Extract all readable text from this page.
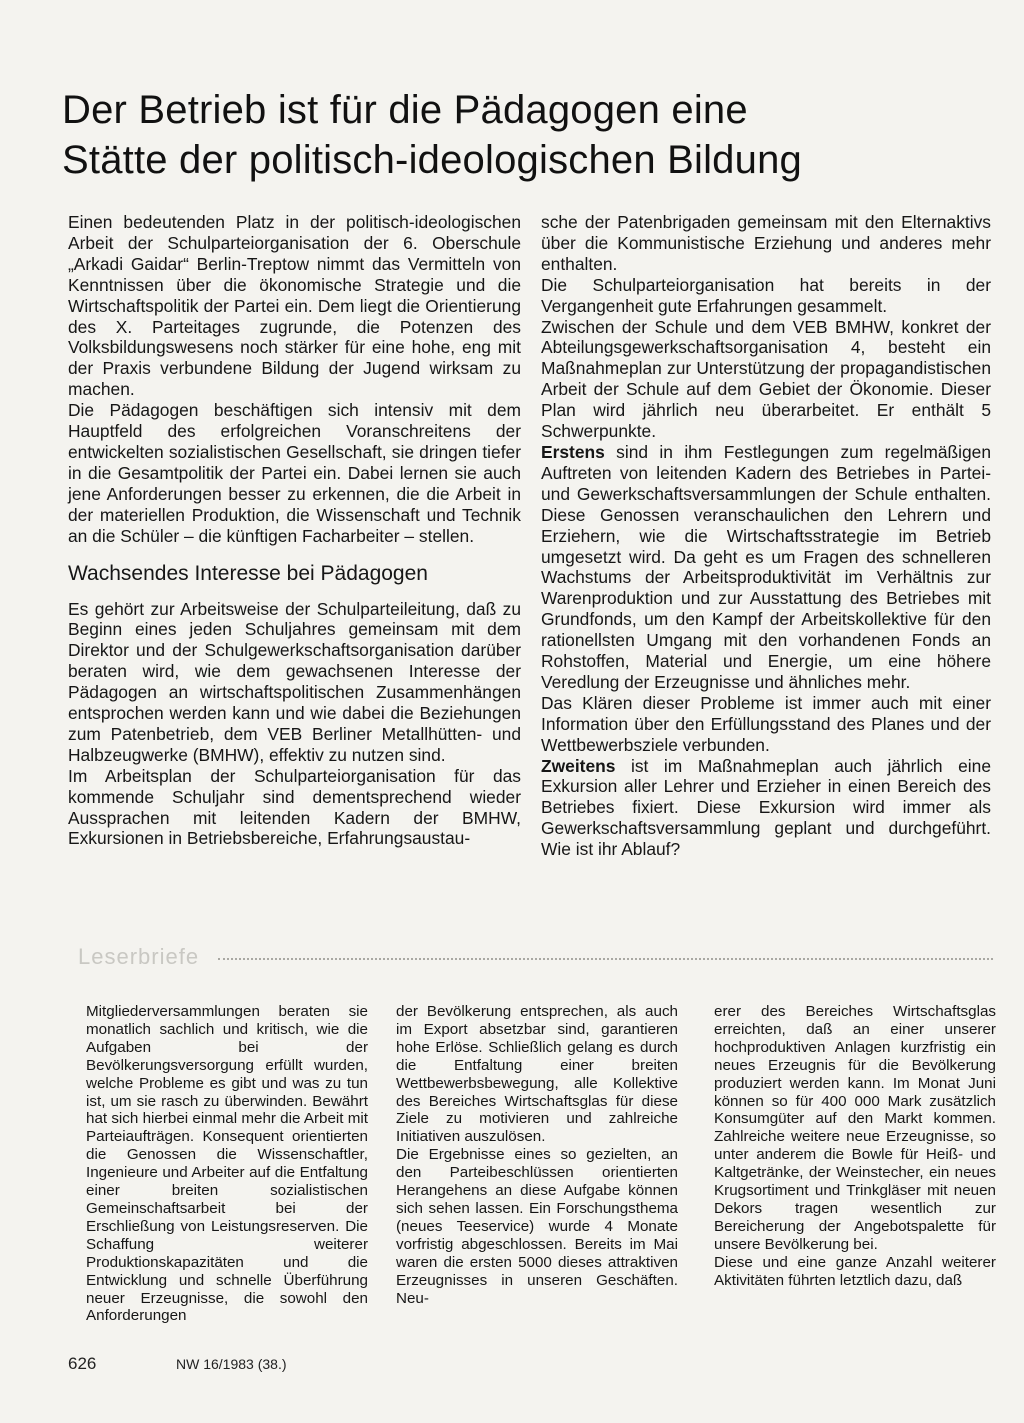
Der Betrieb ist für die Pädagogen eine
Stätte der politisch-ideologischen Bildung

Einen bedeutenden Platz in der politisch-ideologischen Arbeit der Schulparteiorganisation der 6. Oberschule „Arkadi Gaidar“ Berlin-Treptow nimmt das Vermitteln von Kenntnissen über die ökonomische Strategie und die Wirtschaftspolitik der Partei ein. Dem liegt die Orientierung des X. Parteitages zugrunde, die Potenzen des Volksbildungswesens noch stärker für eine hohe, eng mit der Praxis verbundene Bildung der Jugend wirksam zu machen.

Die Pädagogen beschäftigen sich intensiv mit dem Hauptfeld des erfolgreichen Voranschreitens der entwickelten sozialistischen Gesellschaft, sie dringen tiefer in die Gesamtpolitik der Partei ein. Dabei lernen sie auch jene Anforderungen besser zu erkennen, die die Arbeit in der materiellen Produktion, die Wissenschaft und Technik an die Schüler – die künftigen Facharbeiter – stellen.

Wachsendes Interesse bei Pädagogen

Es gehört zur Arbeitsweise der Schulparteileitung, daß zu Beginn eines jeden Schuljahres gemeinsam mit dem Direktor und der Schulgewerkschaftsorganisation darüber beraten wird, wie dem gewachsenen Interesse der Pädagogen an wirtschaftspolitischen Zusammenhängen entsprochen werden kann und wie dabei die Beziehungen zum Patenbetrieb, dem VEB Berliner Metallhütten- und Halbzeugwerke (BMHW), effektiv zu nutzen sind.

Im Arbeitsplan der Schulparteiorganisation für das kommende Schuljahr sind dementsprechend wieder Aussprachen mit leitenden Kadern der BMHW, Exkursionen in Betriebsbereiche, Erfahrungsaustau-

sche der Patenbrigaden gemeinsam mit den Elternaktivs über die Kommunistische Erziehung und anderes mehr enthalten.

Die Schulparteiorganisation hat bereits in der Vergangenheit gute Erfahrungen gesammelt.

Zwischen der Schule und dem VEB BMHW, konkret der Abteilungsgewerkschaftsorganisation 4, besteht ein Maßnahmeplan zur Unterstützung der propagandistischen Arbeit der Schule auf dem Gebiet der Ökonomie. Dieser Plan wird jährlich neu überarbeitet. Er enthält 5 Schwerpunkte.

Erstens sind in ihm Festlegungen zum regelmäßigen Auftreten von leitenden Kadern des Betriebes in Partei- und Gewerkschaftsversammlungen der Schule enthalten. Diese Genossen veranschaulichen den Lehrern und Erziehern, wie die Wirtschaftsstrategie im Betrieb umgesetzt wird. Da geht es um Fragen des schnelleren Wachstums der Arbeitsproduktivität im Verhältnis zur Warenproduktion und zur Ausstattung des Betriebes mit Grundfonds, um den Kampf der Arbeitskollektive für den rationellsten Umgang mit den vorhandenen Fonds an Rohstoffen, Material und Energie, um eine höhere Veredlung der Erzeugnisse und ähnliches mehr.

Das Klären dieser Probleme ist immer auch mit einer Information über den Erfüllungsstand des Planes und der Wettbewerbsziele verbunden.

Zweitens ist im Maßnahmeplan auch jährlich eine Exkursion aller Lehrer und Erzieher in einen Bereich des Betriebes fixiert. Diese Exkursion wird immer als Gewerkschaftsversammlung geplant und durchgeführt. Wie ist ihr Ablauf?

Leserbriefe

Mitgliederversammlungen beraten sie monatlich sachlich und kritisch, wie die Aufgaben bei der Bevölkerungsversorgung erfüllt wurden, welche Probleme es gibt und was zu tun ist, um sie rasch zu überwinden. Bewährt hat sich hierbei einmal mehr die Arbeit mit Parteiaufträgen. Konsequent orientierten die Genossen die Wissenschaftler, Ingenieure und Arbeiter auf die Entfaltung einer breiten sozialistischen Gemeinschaftsarbeit bei der Erschließung von Leistungsreserven. Die Schaffung weiterer Produktionskapazitäten und die Entwicklung und schnelle Überführung neuer Erzeugnisse, die sowohl den Anforderungen

der Bevölkerung entsprechen, als auch im Export absetzbar sind, garantieren hohe Erlöse. Schließlich gelang es durch die Entfaltung einer breiten Wettbewerbsbewegung, alle Kollektive des Bereiches Wirtschaftsglas für diese Ziele zu motivieren und zahlreiche Initiativen auszulösen.

Die Ergebnisse eines so gezielten, an den Parteibeschlüssen orientierten Herangehens an diese Aufgabe können sich sehen lassen. Ein Forschungsthema (neues Teeservice) wurde 4 Monate vorfristig abgeschlossen. Bereits im Mai waren die ersten 5000 dieses attraktiven Erzeugnisses in unseren Geschäften. Neu-

erer des Bereiches Wirtschaftsglas erreichten, daß an einer unserer hochproduktiven Anlagen kurzfristig ein neues Erzeugnis für die Bevölkerung produziert werden kann. Im Monat Juni können so für 400 000 Mark zusätzlich Konsumgüter auf den Markt kommen. Zahlreiche weitere neue Erzeugnisse, so unter anderem die Bowle für Heiß- und Kaltgetränke, der Weinstecher, ein neues Krugsortiment und Trinkgläser mit neuen Dekors tragen wesentlich zur Bereicherung der Angebotspalette für unsere Bevölkerung bei.

Diese und eine ganze Anzahl weiterer Aktivitäten führten letztlich dazu, daß

626	NW 16/1983 (38.)
